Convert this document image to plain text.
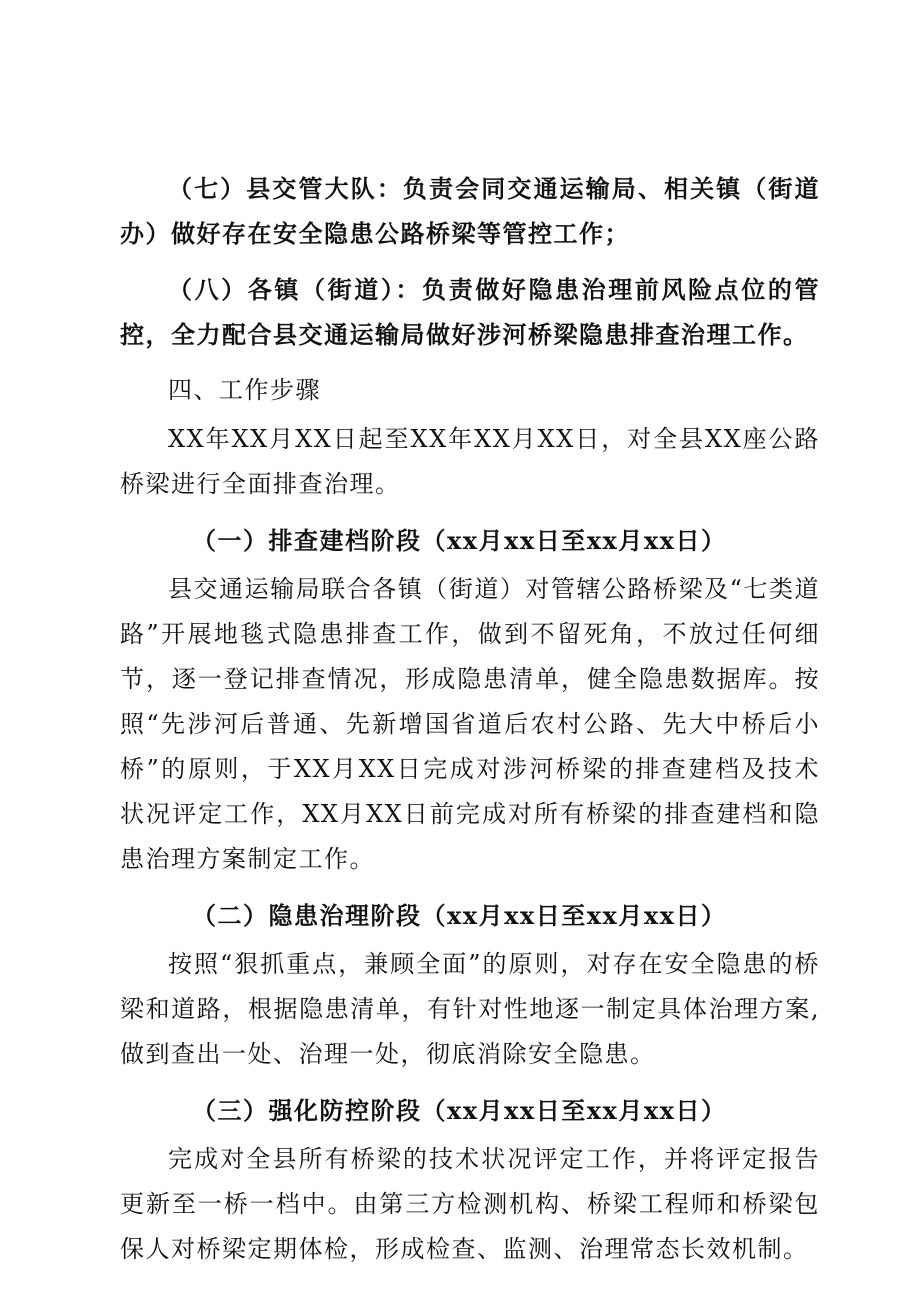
（七）县交管大队：负责会同交通运输局、相关镇（街道办）做好存在安全隐患公路桥梁等管控工作；

（八）各镇（街道）：负责做好隐患治理前风险点位的管控，全力配合县交通运输局做好涉河桥梁隐患排查治理工作。

四、工作步骤

XX年XX月XX日起至XX年XX月XX日，对全县XX座公路桥梁进行全面排查治理。

（一）排查建档阶段（xx月xx日至xx月xx日）

县交通运输局联合各镇（街道）对管辖公路桥梁及“七类道路”开展地毯式隐患排查工作，做到不留死角，不放过任何细节，逐一登记排查情况，形成隐患清单，健全隐患数据库。按照“先涉河后普通、先新增国省道后农村公路、先大中桥后小桥”的原则，于XX月XX日完成对涉河桥梁的排查建档及技术状况评定工作，XX月XX日前完成对所有桥梁的排查建档和隐患治理方案制定工作。

（二）隐患治理阶段（xx月xx日至xx月xx日）

按照“狠抓重点，兼顾全面”的原则，对存在安全隐患的桥梁和道路，根据隐患清单，有针对性地逐一制定具体治理方案,做到查出一处、治理一处，彻底消除安全隐患。

（三）强化防控阶段（xx月xx日至xx月xx日）

完成对全县所有桥梁的技术状况评定工作，并将评定报告更新至一桥一档中。由第三方检测机构、桥梁工程师和桥梁包保人对桥梁定期体检，形成检查、监测、治理常态长效机制。
